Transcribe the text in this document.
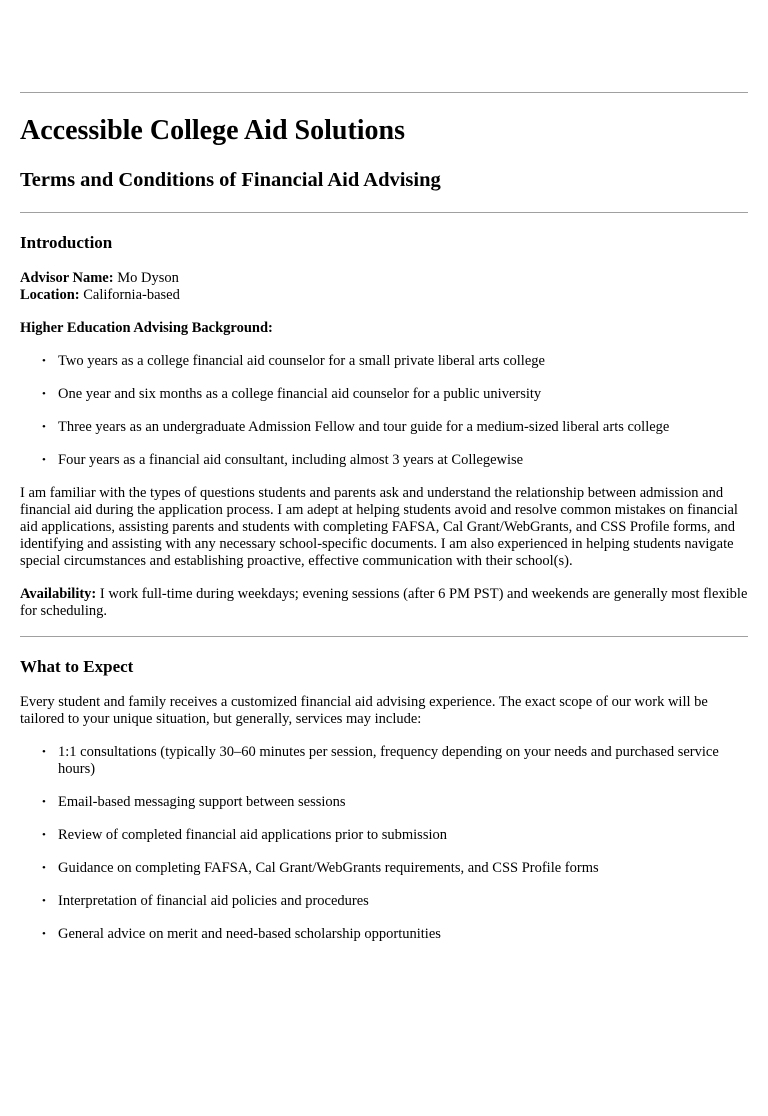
Accessible College Aid Solutions
Terms and Conditions of Financial Aid Advising
Introduction

Advisor Name: Mo Dyson
Location: California-based

Higher Education Advising Background:

• Two years as a college financial aid counselor for a small private liberal arts college
• One year and six months as a college financial aid counselor for a public university
• Three years as an undergraduate Admission Fellow and tour guide for a medium-sized liberal arts college
• Four years as a financial aid consultant, including almost 3 years at Collegewise

I am familiar with the types of questions students and parents ask and understand the relationship between admission and financial aid during the application process. I am adept at helping students avoid and resolve common mistakes on financial aid applications, assisting parents and students with completing FAFSA, Cal Grant/WebGrants, and CSS Profile forms, and identifying and assisting with any necessary school-specific documents. I am also experienced in helping students navigate special circumstances and establishing proactive, effective communication with their school(s).

Availability: I work full-time during weekdays; evening sessions (after 6 PM PST) and weekends are generally most flexible for scheduling.

What to Expect

Every student and family receives a customized financial aid advising experience. The exact scope of our work will be tailored to your unique situation, but generally, services may include:

• 1:1 consultations (typically 30–60 minutes per session, frequency depending on your needs and purchased service hours)
• Email-based messaging support between sessions
• Review of completed financial aid applications prior to submission
• Guidance on completing FAFSA, Cal Grant/WebGrants requirements, and CSS Profile forms
• Interpretation of financial aid policies and procedures
• General advice on merit and need-based scholarship opportunities
